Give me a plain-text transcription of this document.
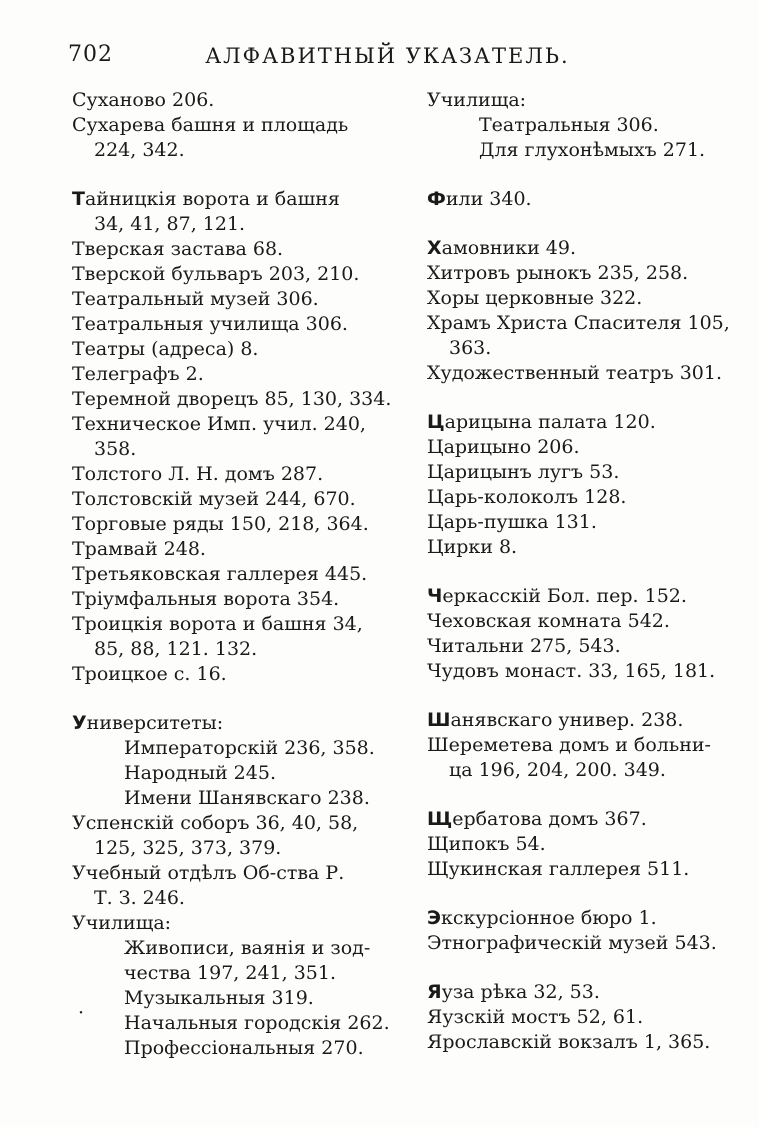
702	АЛФАВИТНЫЙ УКАЗАТЕЛЬ.
Суханово 206.
Сухарева башня и площадь
224, 342.
Тайницкія ворота и башня
34, 41, 87, 121.
Тверская застава 68.
Тверской бульваръ 203, 210.
Театральный музей 306.
Театральныя училища 306.
Театры (адреса) 8.
Телеграфъ 2.
Теремной дворецъ 85, 130, 334.
Техническое Имп. учил. 240,
358.
Толстого Л. Н. домъ 287.
Толстовскій музей 244, 670.
Торговые ряды 150, 218, 364.
Трамвай 248.
Третьяковская галлерея 445.
Тріумфальныя ворота 354.
Троицкія ворота и башня 34,
85, 88, 121. 132.
Троицкое с. 16.
Университеты:
Императорскій 236, 358.
Народный 245.
Имени Шанявскаго 238.
Успенскій соборъ 36, 40, 58,
125, 325, 373, 379.
Учебный отдѣлъ Об-ства Р.
Т. З. 246.
Училища:
Живописи, ваянія и зод-
чества 197, 241, 351.
Музыкальныя 319.
Начальныя городскія 262.
Профессіональныя 270.
Училища:
Театральныя 306.
Для глухонѣмыхъ 271.
Фили 340.
Хамовники 49.
Хитровъ рынокъ 235, 258.
Хоры церковные 322.
Храмъ Христа Спасителя 105,
363.
Художественный театръ 301.
Царицына палата 120.
Царицыно 206.
Царицынъ лугъ 53.
Царь-колоколъ 128.
Царь-пушка 131.
Цирки 8.
Черкасскій Бол. пер. 152.
Чеховская комната 542.
Читальни 275, 543.
Чудовъ монаст. 33, 165, 181.
Шанявскаго универ. 238.
Шереметева домъ и больни-
ца 196, 204, 200. 349.
Щербатова домъ 367.
Щипокъ 54.
Щукинская галлерея 511.
Экскурсіонное бюро 1.
Этнографическій музей 543.
Яуза рѣка 32, 53.
Яузскій мостъ 52, 61.
Ярославскій вокзалъ 1, 365.
·
